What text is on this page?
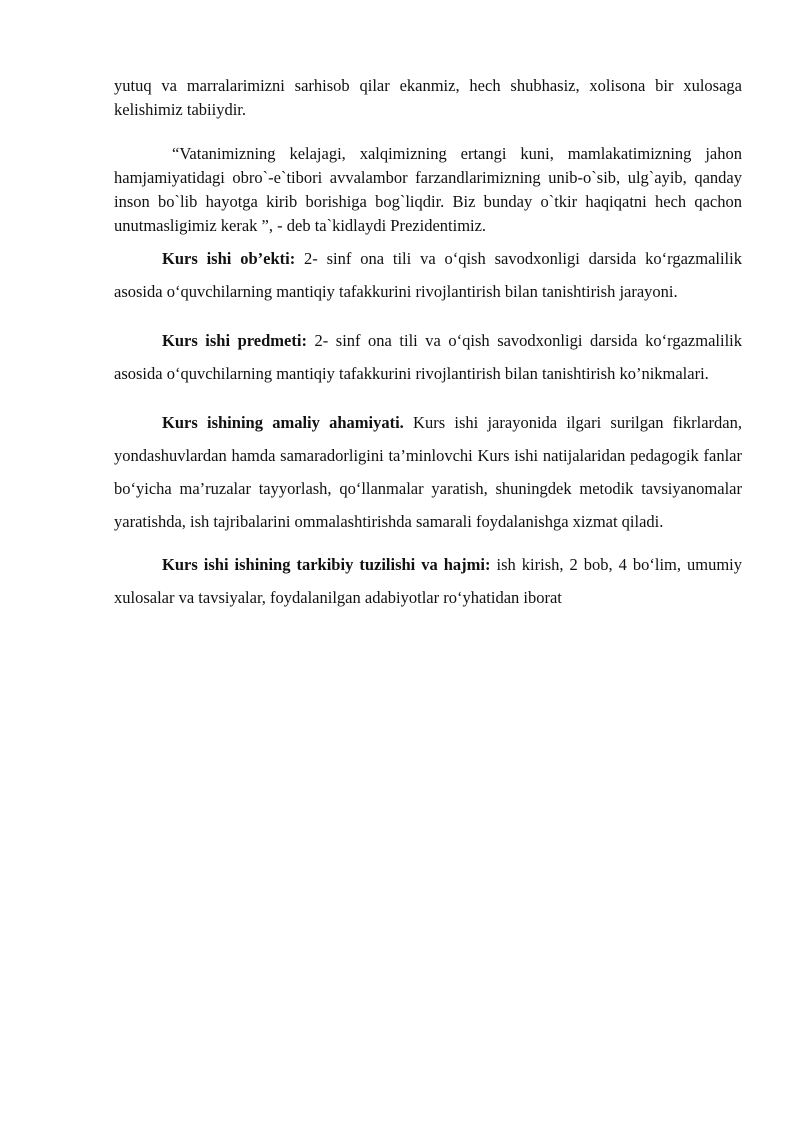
yutuq va marralarimizni sarhisob qilar ekanmiz, hech shubhasiz, xolisona bir xulosaga kelishimiz tabiiydir.

“Vatanimizning kelajagi, xalqimizning ertangi kuni, mamlakatimizning jahon hamjamiyatidagi obro`-e`tibori avvalambor farzandlarimizning unib-o`sib, ulg`ayib, qanday inson bo`lib hayotga kirib borishiga bog`liqdir. Biz bunday o`tkir haqiqatni hech qachon unutmasligimiz kerak ”, - deb ta`kidlaydi Prezidentimiz.

Kurs ishi ob’ekti: 2- sinf ona tili va o‘qish savodxonligi darsida ko‘rgazmalilik asosida o‘quvchilarning mantiqiy tafakkurini rivojlantirish bilan tanishtirish jarayoni.

Kurs ishi predmeti: 2- sinf ona tili va o‘qish savodxonligi darsida ko‘rgazmalilik asosida o‘quvchilarning mantiqiy tafakkurini rivojlantirish bilan tanishtirish ko’nikmalari.

Kurs ishining amaliy ahamiyati. Kurs ishi jarayonida ilgari surilgan fikrlardan, yondashuvlardan hamda samaradorligini ta’minlovchi Kurs ishi natijalaridan pedagogik fanlar bo‘yicha ma’ruzalar tayyorlash, qo‘llanmalar yaratish, shuningdek metodik tavsiyanomalar yaratishda, ish tajribalarini ommalashtirishda samarali foydalanishga xizmat qiladi.

Kurs ishi ishining tarkibiy tuzilishi va hajmi: ish kirish, 2 bob, 4 bo‘lim, umumiy xulosalar va tavsiyalar, foydalanilgan adabiyotlar ro‘yhatidan iborat
